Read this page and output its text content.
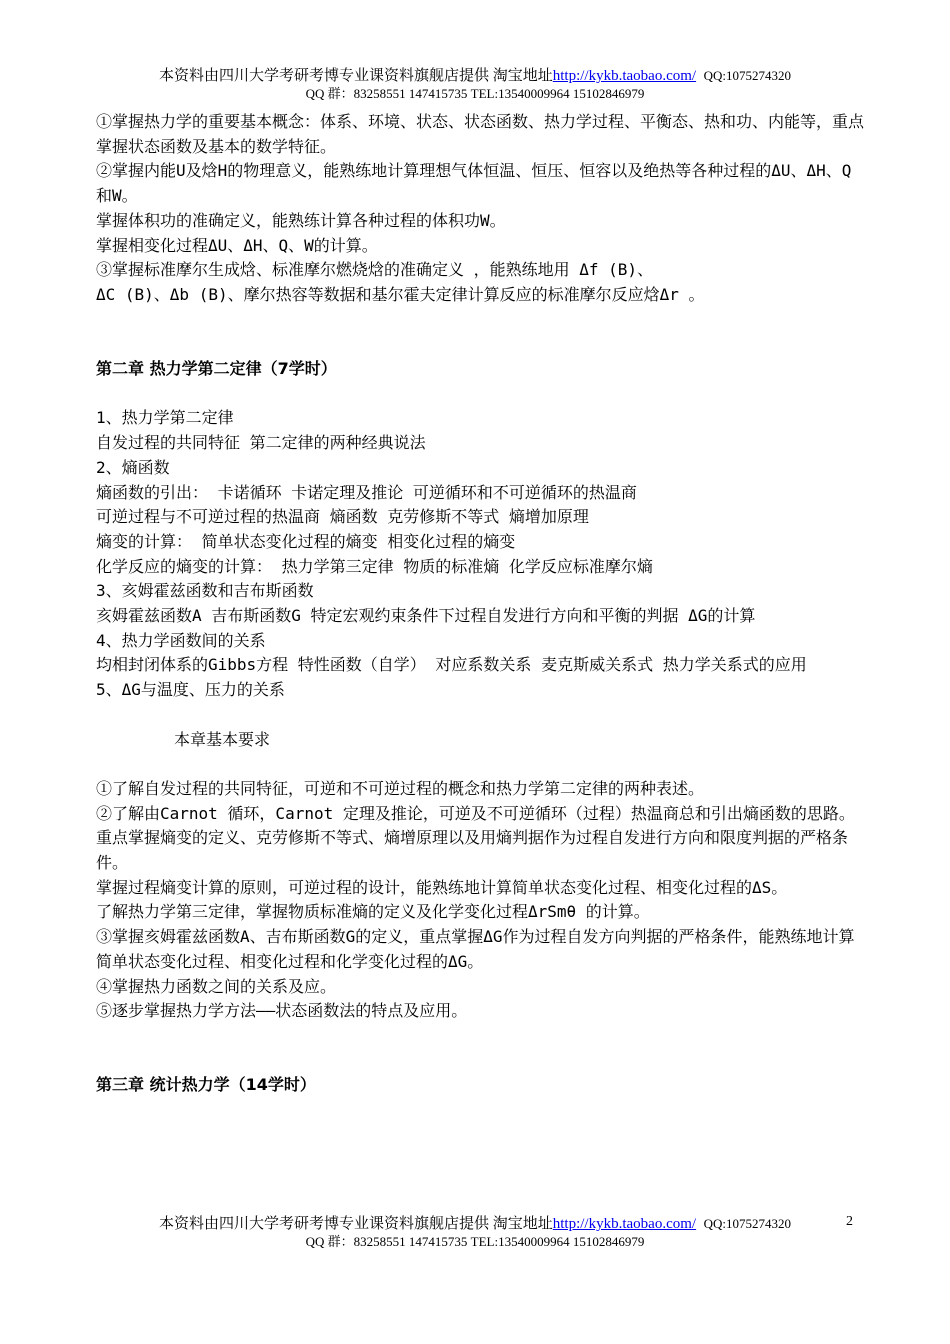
本资料由四川大学考研考博专业课资料旗舰店提供 淘宝地址http://kykb.taobao.com/ QQ:1075274320
QQ 群：83258551 147415735 TEL:13540009964 15102846979

①掌握热力学的重要基本概念：体系、环境、状态、状态函数、热力学过程、平衡态、热和功、内能等，重点掌握状态函数及基本的数学特征。

②掌握内能U及焓H的物理意义，能熟练地计算理想气体恒温、恒压、恒容以及绝热等各种过程的ΔU、ΔH、Q和W。

掌握体积功的准确定义，能熟练计算各种过程的体积功W。

掌握相变化过程ΔU、ΔH、Q、W的计算。

③掌握标准摩尔生成焓、标准摩尔燃烧焓的准确定义 ，能熟练地用 Δf (B)、

ΔC (B)、Δb (B)、摩尔热容等数据和基尔霍夫定律计算反应的标准摩尔反应焓Δr 。

第二章 热力学第二定律（7学时）

1、热力学第二定律

自发过程的共同特征 第二定律的两种经典说法

2、熵函数

熵函数的引出： 卡诺循环 卡诺定理及推论 可逆循环和不可逆循环的热温商

可逆过程与不可逆过程的热温商 熵函数 克劳修斯不等式 熵增加原理

熵变的计算： 简单状态变化过程的熵变 相变化过程的熵变

化学反应的熵变的计算： 热力学第三定律 物质的标准熵 化学反应标准摩尔熵

3、亥姆霍兹函数和吉布斯函数

亥姆霍兹函数A 吉布斯函数G 特定宏观约束条件下过程自发进行方向和平衡的判据 ΔG的计算

4、热力学函数间的关系

均相封闭体系的Gibbs方程 特性函数（自学） 对应系数关系 麦克斯威关系式 热力学关系式的应用

5、ΔG与温度、压力的关系

本章基本要求

①了解自发过程的共同特征，可逆和不可逆过程的概念和热力学第二定律的两种表述。

②了解由Carnot 循环，Carnot 定理及推论，可逆及不可逆循环（过程）热温商总和引出熵函数的思路。

重点掌握熵变的定义、克劳修斯不等式、熵增原理以及用熵判据作为过程自发进行方向和限度判据的严格条件。

掌握过程熵变计算的原则，可逆过程的设计，能熟练地计算简单状态变化过程、相变化过程的ΔS。

了解热力学第三定律，掌握物质标准熵的定义及化学变化过程ΔrSmθ 的计算。

③掌握亥姆霍兹函数A、吉布斯函数G的定义，重点掌握ΔG作为过程自发方向判据的严格条件，能熟练地计算简单状态变化过程、相变化过程和化学变化过程的ΔG。

④掌握热力函数之间的关系及应。

⑤逐步掌握热力学方法——状态函数法的特点及应用。

第三章 统计热力学（14学时）

本资料由四川大学考研考博专业课资料旗舰店提供 淘宝地址http://kykb.taobao.com/ QQ:1075274320
QQ 群：83258551 147415735 TEL:13540009964 15102846979
2
